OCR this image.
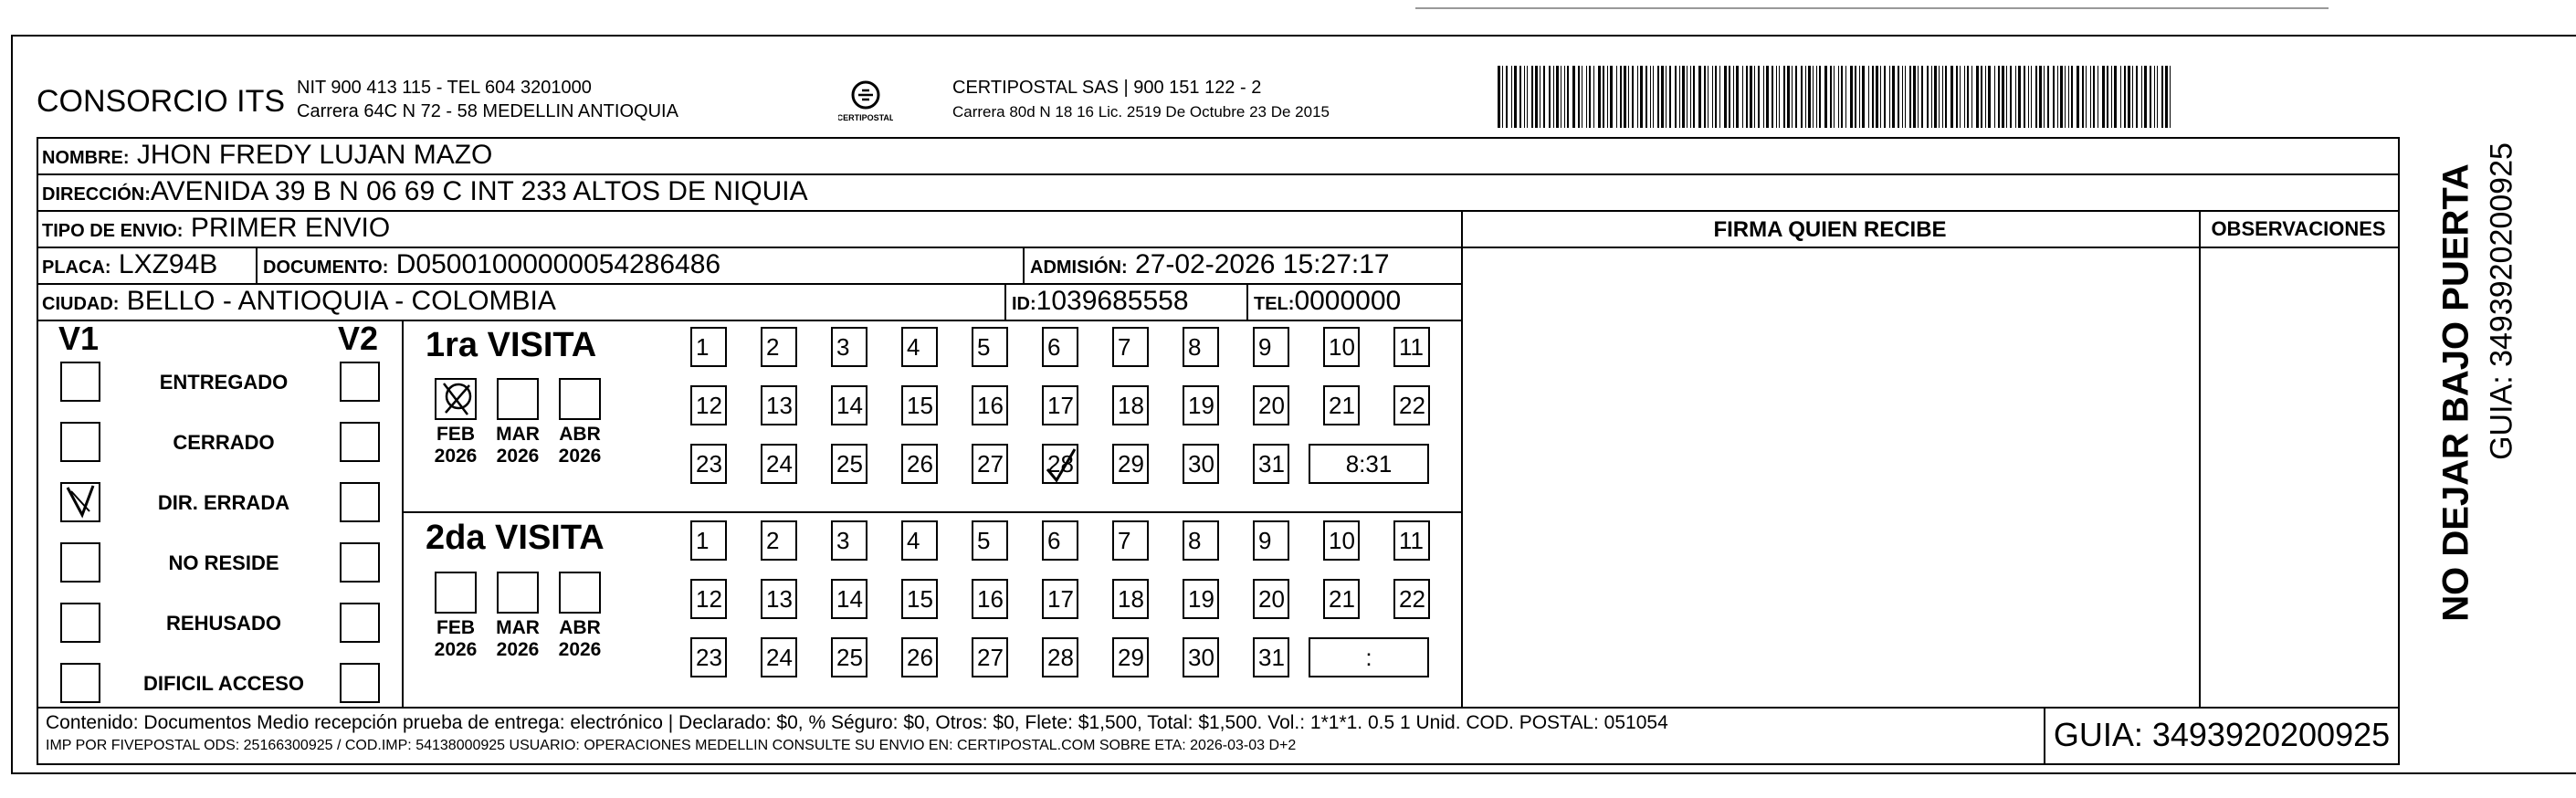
CONSORCIO ITS NIT 900 413 115 - TEL 604 3201000
Carrera 64C N 72 - 58 MEDELLIN ANTIOQUIA	CERTIPOSTAL
CERTIPOSTAL SAS | 900 151 122 - 2
Carrera 80d N 18 16 Lic. 2519 De Octubre 23 De 2015
NOMBRE: JHON FREDY LUJAN MAZO
DIRECCIÓN:AVENIDA 39 B N 06 69 C INT 233 ALTOS DE NIQUIA
TIPO DE ENVIO: PRIMER ENVIO
PLACA: LXZ94B DOCUMENTO: D05001000000054286486	ADMISIÓN: 27-02-2026 15:27:17
CIUDAD: BELLO - ANTIOQUIA - COLOMBIA	ID:1039685558	TEL:0000000
FIRMA QUIEN RECIBE	OBSERVACIONES
V1	V2
ENTREGADO
CERRADO
DIR. ERRADA
NO RESIDE
REHUSADO
DIFICIL ACCESO
1ra VISITA
FEB
2026
MAR
2026
ABR
2026
1	2	3	4	5	6	7	8	9	10 11
12 13 14 15 16 17 18 19 20 21 22
23 24 25 26 27 28 29 30 31	8:31
2da VISITA
FEB
2026
MAR
2026
ABR
2026
1	2	3	4	5	6	7	8	9	10 11
12 13 14 15 16 17 18 19 20 21 22
23 24 25 26 27 28 29 30 31	:
Contenido: Documentos Medio recepción prueba de entrega: electrónico | Declarado: $0, % Séguro: $0, Otros: $0, Flete: $1,500, Total: $1,500. Vol.: 1*1*1. 0.5 1 Unid. COD. POSTAL: 051054
IMP POR FIVEPOSTAL ODS: 25166300925 / COD.IMP: 54138000925 USUARIO: OPERACIONES MEDELLIN CONSULTE SU ENVIO EN: CERTIPOSTAL.COM SOBRE ETA: 2026-03-03 D+2	GUIA: 3493920200925
NO DEJAR BAJO PUERTA GUIA: 3493920200925
